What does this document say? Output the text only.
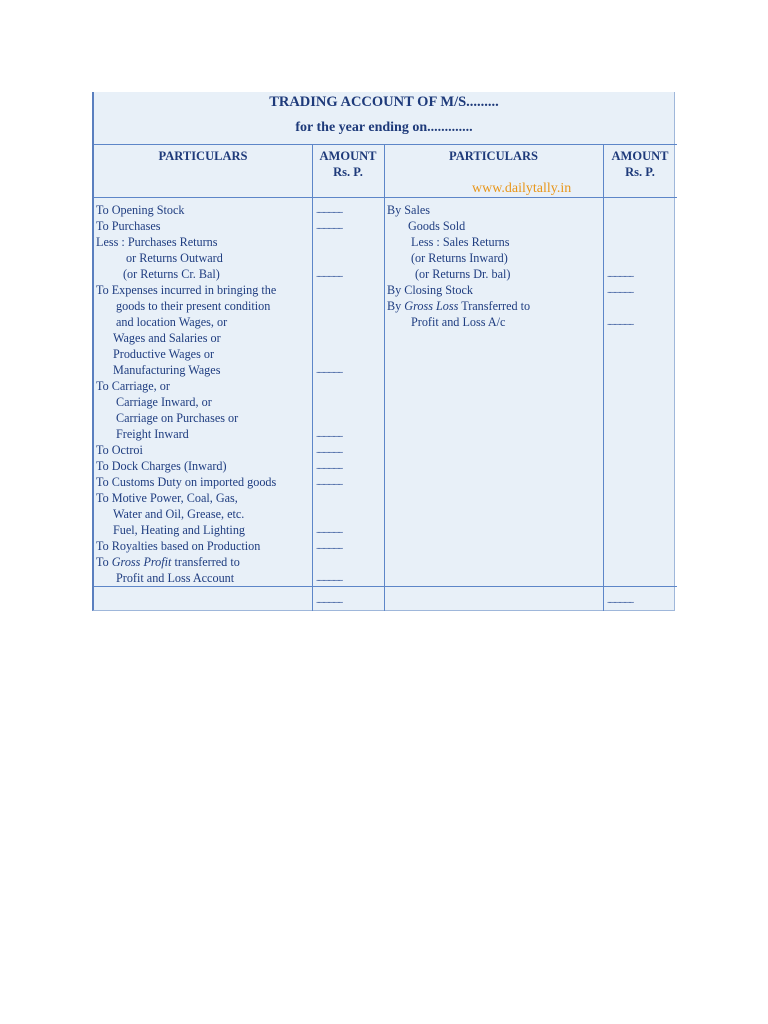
TRADING ACCOUNT OF M/S.........
for the year ending on.............
PARTICULARS	AMOUNT
Rs. P.
PARTICULARS	AMOUNT
Rs. P.
To Opening Stock
To Purchases
Less : Purchases Returns
or Returns Outward
(or Returns Cr. Bal)
To Expenses incurred in bringing the
goods to their present condition
and location Wages, or
Wages and Salaries or
Productive Wages or
Manufacturing Wages
To Carriage, or
Carriage Inward, or
Carriage on Purchases or
Freight Inward
To Octroi
To Dock Charges (Inward)
To Customs Duty on imported goods
To Motive Power, Coal, Gas,
Water and Oil, Grease, etc.
Fuel, Heating and Lighting
To Royalties based on Production
To Gross Profit transferred to
Profit and Loss Account
By Sales
Goods Sold
Less : Sales Returns
(or Returns Inward)
(or Returns Dr. bal)
By Closing Stock
By Gross Loss Transferred to
Profit and Loss A/c
.....................
.....................
.....................
.....................
.....................
.....................
.....................
.....................
.....................
.....................
.....................
.....................
.....................
.....................
.....................
.....................
www.dailytally.in
